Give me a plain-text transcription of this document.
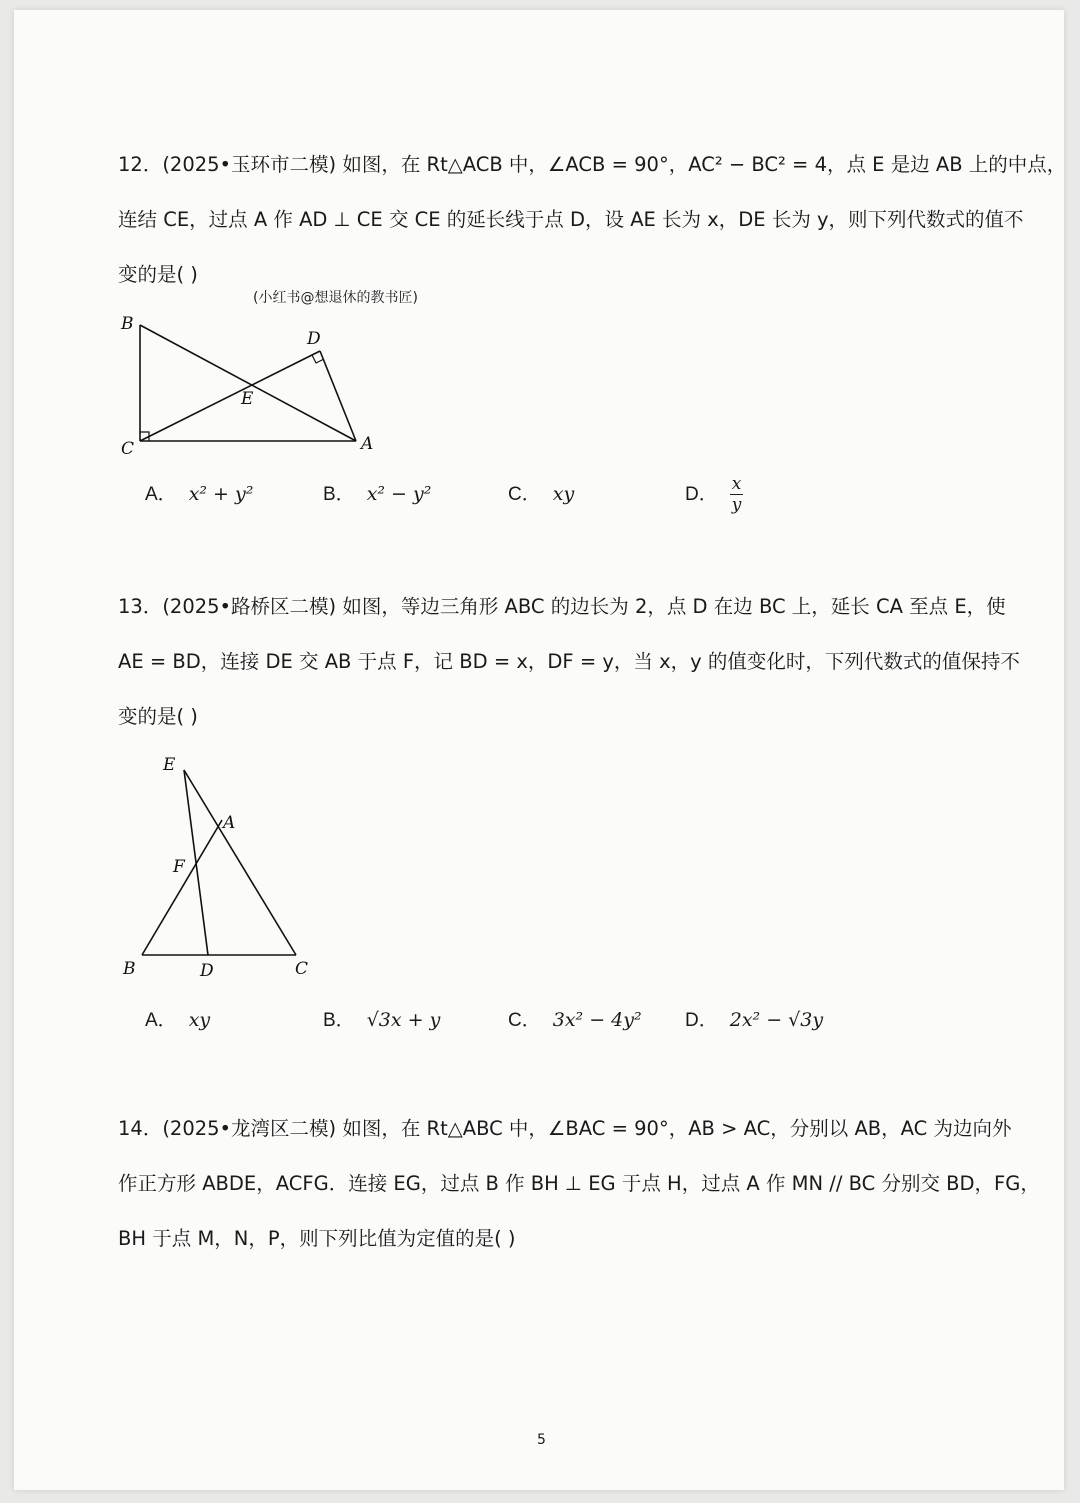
12．(2025•玉环市二模) 如图，在 Rt△ACB 中，∠ACB = 90°，AC² − BC² = 4，点 E 是边 AB 上的中点，
连结 CE，过点 A 作 AD ⊥ CE 交 CE 的延长线于点 D，设 AE 长为 x，DE 长为 y，则下列代数式的值不
变的是( )
(小红书@想退休的教书匠)
B
D
E
C	A
A． x² + y²	B． x² − y²	C． xy	D． $\frac{x}{y}$
13．(2025•路桥区二模) 如图，等边三角形 ABC 的边长为 2，点 D 在边 BC 上，延长 CA 至点 E，使
AE = BD，连接 DE 交 AB 于点 F，记 BD = x，DF = y，当 x，y 的值变化时，下列代数式的值保持不
变的是( )
E
A
F
B	D	C
A． xy	B． √3x + y	C． 3x² − 4y² D． 2x² − √3y
14．(2025•龙湾区二模) 如图，在 Rt△ABC 中，∠BAC = 90°，AB > AC，分别以 AB，AC 为边向外
作正方形 ABDE，ACFG．连接 EG，过点 B 作 BH ⊥ EG 于点 H，过点 A 作 MN // BC 分别交 BD，FG，
BH 于点 M，N，P，则下列比值为定值的是( )
5
